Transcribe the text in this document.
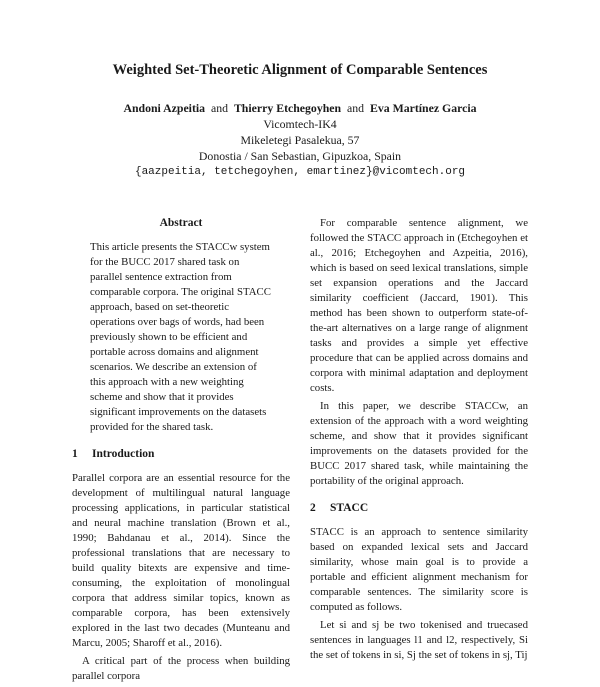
Weighted Set-Theoretic Alignment of Comparable Sentences
Andoni Azpeitia and Thierry Etchegoyhen and Eva Martínez Garcia
Vicomtech-IK4
Mikeletegi Pasalekua, 57
Donostia / San Sebastian, Gipuzkoa, Spain
{aazpeitia, tetchegoyhen, emartinez}@vicomtech.org
Abstract

This article presents the STACCw system for the BUCC 2017 shared task on parallel sentence extraction from comparable corpora. The original STACC approach, based on set-theoretic operations over bags of words, had been previously shown to be efficient and portable across domains and alignment scenarios. We describe an extension of this approach with a new weighting scheme and show that it provides significant improvements on the datasets provided for the shared task.

1 Introduction

Parallel corpora are an essential resource for the development of multilingual natural language processing applications, in particular statistical and neural machine translation (Brown et al., 1990; Bahdanau et al., 2014). Since the professional translations that are necessary to build quality bitexts are expensive and time-consuming, the exploitation of monolingual corpora that address similar topics, known as comparable corpora, has been extensively explored in the last two decades (Munteanu and Marcu, 2005; Sharoff et al., 2016).

A critical part of the process when building parallel corpora

For comparable sentence alignment, we followed the STACC approach in (Etchegoyhen et al., 2016; Etchegoyhen and Azpeitia, 2016), which is based on seed lexical translations, simple set expansion operations and the Jaccard similarity coefficient (Jaccard, 1901). This method has been shown to outperform state-of-the-art alternatives on a large range of alignment tasks and provides a simple yet effective procedure that can be applied across domains and corpora with minimal adaptation and deployment costs.

In this paper, we describe STACCw, an extension of the approach with a word weighting scheme, and show that it provides significant improvements on the datasets provided for the BUCC 2017 shared task, while maintaining the portability of the original approach.

2 STACC

STACC is an approach to sentence similarity based on expanded lexical sets and Jaccard similarity, whose main goal is to provide a portable and efficient alignment mechanism for comparable sentences. The similarity score is computed as follows.

Let si and sj be two tokenised and truecased sentences in languages l1 and l2, respectively, Si the set of tokens in si, Sj the set of tokens in sj, Tij
